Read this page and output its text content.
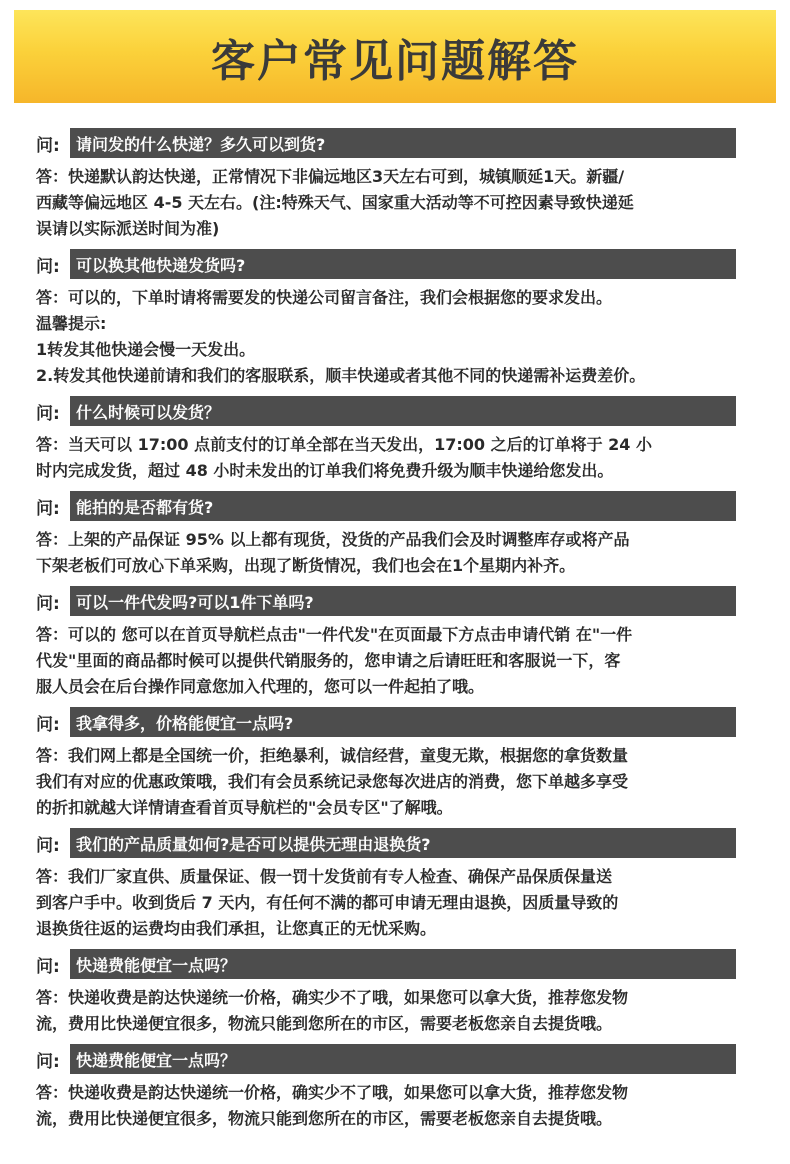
客户常见问题解答
问:	请问发的什么快递？多久可以到货?
答：快递默认韵达快递，正常情况下非偏远地区3天左右可到，城镇顺延1天。新疆/
西藏等偏远地区 4-5 天左右。(注:特殊天气、国家重大活动等不可控因素导致快递延
误请以实际派送时间为准)
问:	可以换其他快递发货吗?
答：可以的，下单时请将需要发的快递公司留言备注，我们会根据您的要求发出。
温馨提示:
1转发其他快递会慢一天发出。
2.转发其他快递前请和我们的客服联系，顺丰快递或者其他不同的快递需补运费差价。
问:	什么时候可以发货？
答：当天可以 17:00 点前支付的订单全部在当天发出，17:00 之后的订单将于 24 小
时内完成发货，超过 48 小时未发出的订单我们将免费升级为顺丰快递给您发出。
问:	能拍的是否都有货?
答：上架的产品保证 95% 以上都有现货，没货的产品我们会及时调整库存或将产品
下架老板们可放心下单采购，出现了断货情况，我们也会在1个星期内补齐。
问:	可以一件代发吗?可以1件下单吗?
答：可以的 您可以在首页导航栏点击"一件代发"在页面最下方点击申请代销 在"一件
代发"里面的商品都时候可以提供代销服务的，您申请之后请旺旺和客服说一下，客
服人员会在后台操作同意您加入代理的，您可以一件起拍了哦。
问:	我拿得多，价格能便宜一点吗?
答：我们网上都是全国统一价，拒绝暴利，诚信经营，童叟无欺，根据您的拿货数量
我们有对应的优惠政策哦，我们有会员系统记录您每次进店的消费，您下单越多享受
的折扣就越大详情请查看首页导航栏的"会员专区"了解哦。
问:	我们的产品质量如何?是否可以提供无理由退换货?
答：我们厂家直供、质量保证、假一罚十发货前有专人检查、确保产品保质保量送
到客户手中。收到货后 7 天内，有任何不满的都可申请无理由退换，因质量导致的
退换货往返的运费均由我们承担，让您真正的无忧采购。
问:	快递费能便宜一点吗？
答：快递收费是韵达快递统一价格，确实少不了哦，如果您可以拿大货，推荐您发物
流，费用比快递便宜很多，物流只能到您所在的市区，需要老板您亲自去提货哦。
问:	快递费能便宜一点吗？
答：快递收费是韵达快递统一价格，确实少不了哦，如果您可以拿大货，推荐您发物
流，费用比快递便宜很多，物流只能到您所在的市区，需要老板您亲自去提货哦。
